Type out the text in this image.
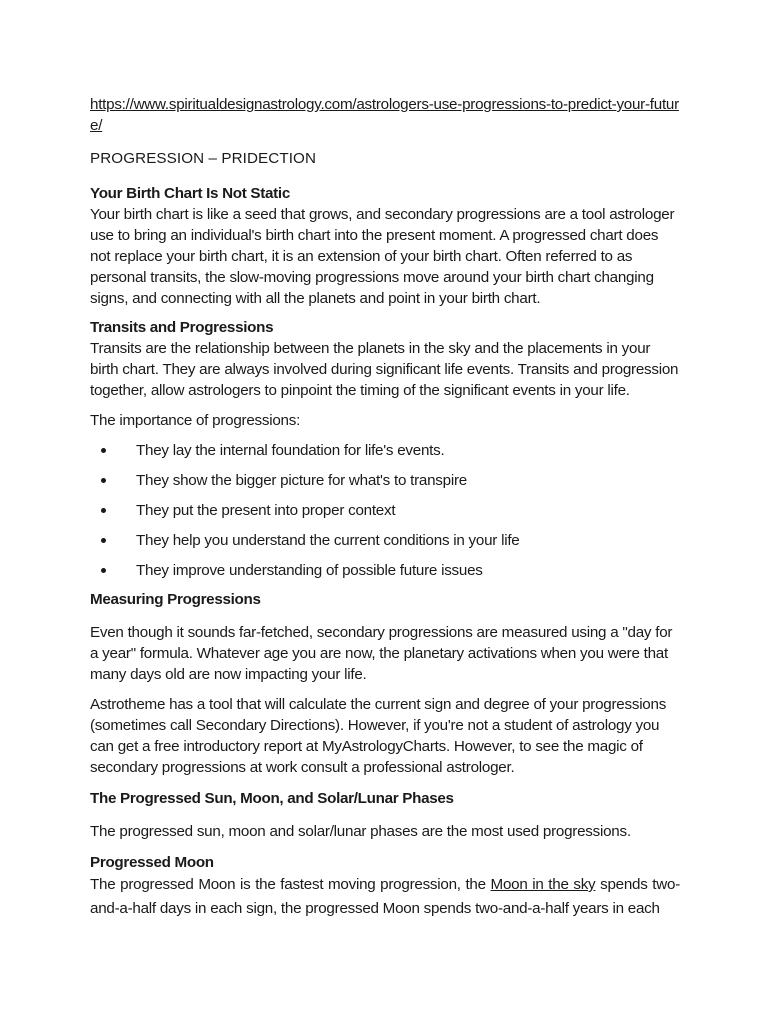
https://www.spiritualdesignastrology.com/astrologers-use-progressions-to-predict-your-future/
PROGRESSION – PRIDECTION
Your Birth Chart Is Not Static

Your birth chart is like a seed that grows, and secondary progressions are a tool astrologer use to bring an individual's birth chart into the present moment. A progressed chart does not replace your birth chart, it is an extension of your birth chart. Often referred to as personal transits, the slow-moving progressions move around your birth chart changing signs, and connecting with all the planets and point in your birth chart.

Transits and Progressions

Transits are the relationship between the planets in the sky and the placements in your birth chart. They are always involved during significant life events. Transits and progression together, allow astrologers to pinpoint the timing of the significant events in your life.

The importance of progressions:

They lay the internal foundation for life's events.
They show the bigger picture for what's to transpire
They put the present into proper context
They help you understand the current conditions in your life
They improve understanding of possible future issues
Measuring Progressions

Even though it sounds far-fetched, secondary progressions are measured using a "day for a year" formula. Whatever age you are now, the planetary activations when you were that many days old are now impacting your life.

Astrotheme has a tool that will calculate the current sign and degree of your progressions (sometimes call Secondary Directions). However, if you're not a student of astrology you can get a free introductory report at MyAstrologyCharts. However, to see the magic of secondary progressions at work consult a professional astrologer.

The Progressed Sun, Moon, and Solar/Lunar Phases

The progressed sun, moon and solar/lunar phases are the most used progressions.

Progressed Moon

The progressed Moon is the fastest moving progression, the Moon in the sky spends two-and-a-half days in each sign, the progressed Moon spends two-and-a-half years in each
